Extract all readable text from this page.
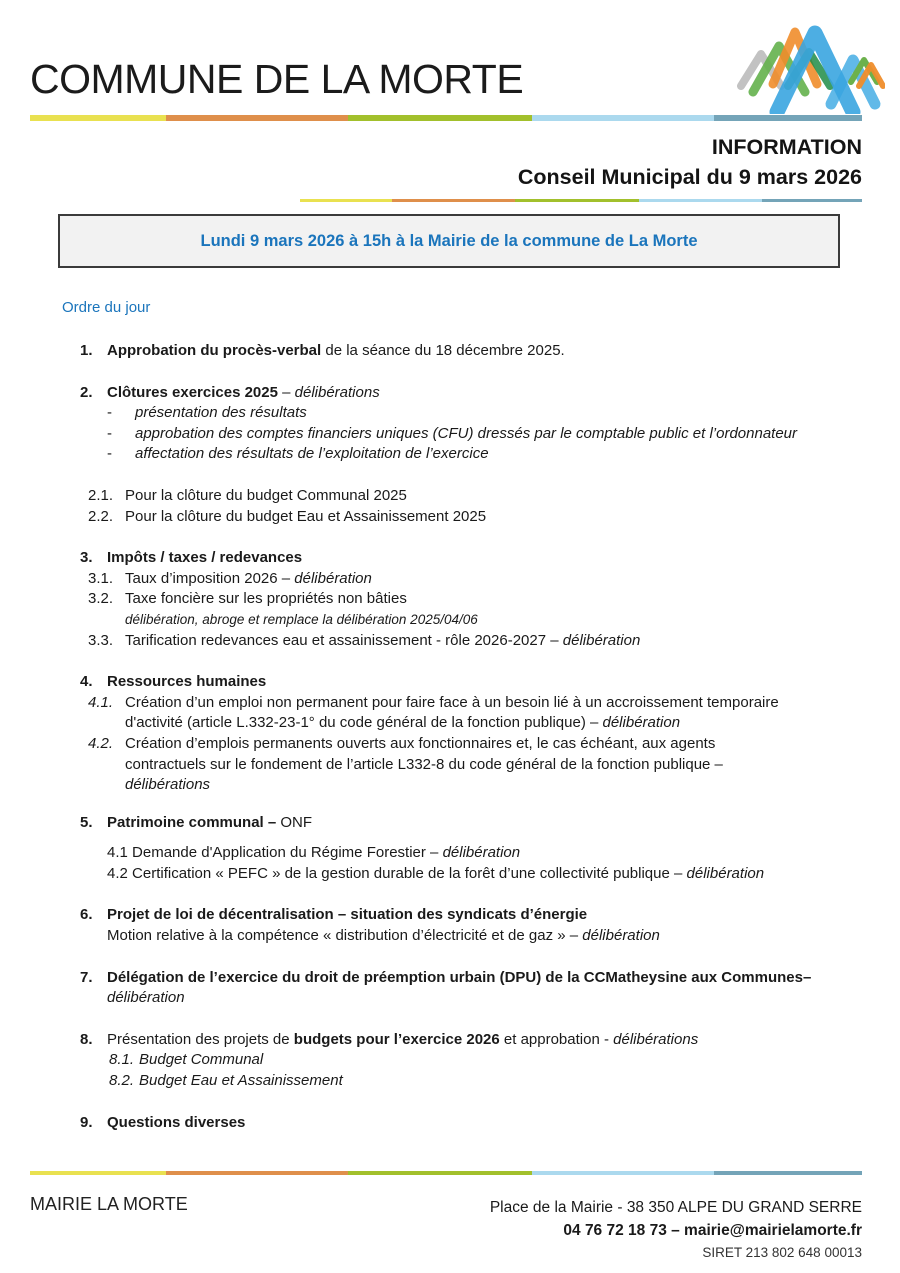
COMMUNE DE LA MORTE
INFORMATION
Conseil Municipal du 9 mars 2026
Lundi 9 mars 2026 à 15h à la Mairie de la commune de La Morte
Ordre du jour
1. Approbation du procès-verbal de la séance du 18 décembre 2025.
2. Clôtures exercices 2025 – délibérations
-	présentation des résultats
-	approbation des comptes financiers uniques (CFU) dressés par le comptable public et l’ordonnateur
-	affectation des résultats de l’exploitation de l’exercice
2.1. Pour la clôture du budget Communal 2025
2.2. Pour la clôture du budget Eau et Assainissement 2025
3. Impôts / taxes / redevances
3.1. Taux d’imposition 2026 – délibération
3.2. Taxe foncière sur les propriétés non bâties
délibération, abroge et remplace la délibération 2025/04/06
3.3. Tarification redevances eau et assainissement - rôle 2026-2027 – délibération
4. Ressources humaines
4.1. Création d’un emploi non permanent pour faire face à un besoin lié à un accroissement temporaire
d'activité (article L.332-23-1° du code général de la fonction publique) – délibération
4.2. Création d’emplois permanents ouverts aux fonctionnaires et, le cas échéant, aux agents
contractuels sur le fondement de l’article L332-8 du code général de la fonction publique –
délibérations
5. Patrimoine communal – ONF
4.1 Demande d'Application du Régime Forestier – délibération
4.2 Certification « PEFC » de la gestion durable de la forêt d’une collectivité publique – délibération
6. Projet de loi de décentralisation – situation des syndicats d’énergie
Motion relative à la compétence « distribution d’électricité et de gaz » – délibération
7. Délégation de l’exercice du droit de préemption urbain (DPU) de la CCMatheysine aux Communes–
délibération
8. Présentation des projets de budgets pour l’exercice 2026 et approbation - délibérations
8.1. Budget Communal
8.2. Budget Eau et Assainissement
9. Questions diverses
MAIRIE LA MORTE	Place de la Mairie - 38 350 ALPE DU GRAND SERRE
04 76 72 18 73 – mairie@mairielamorte.fr
SIRET 213 802 648 00013
